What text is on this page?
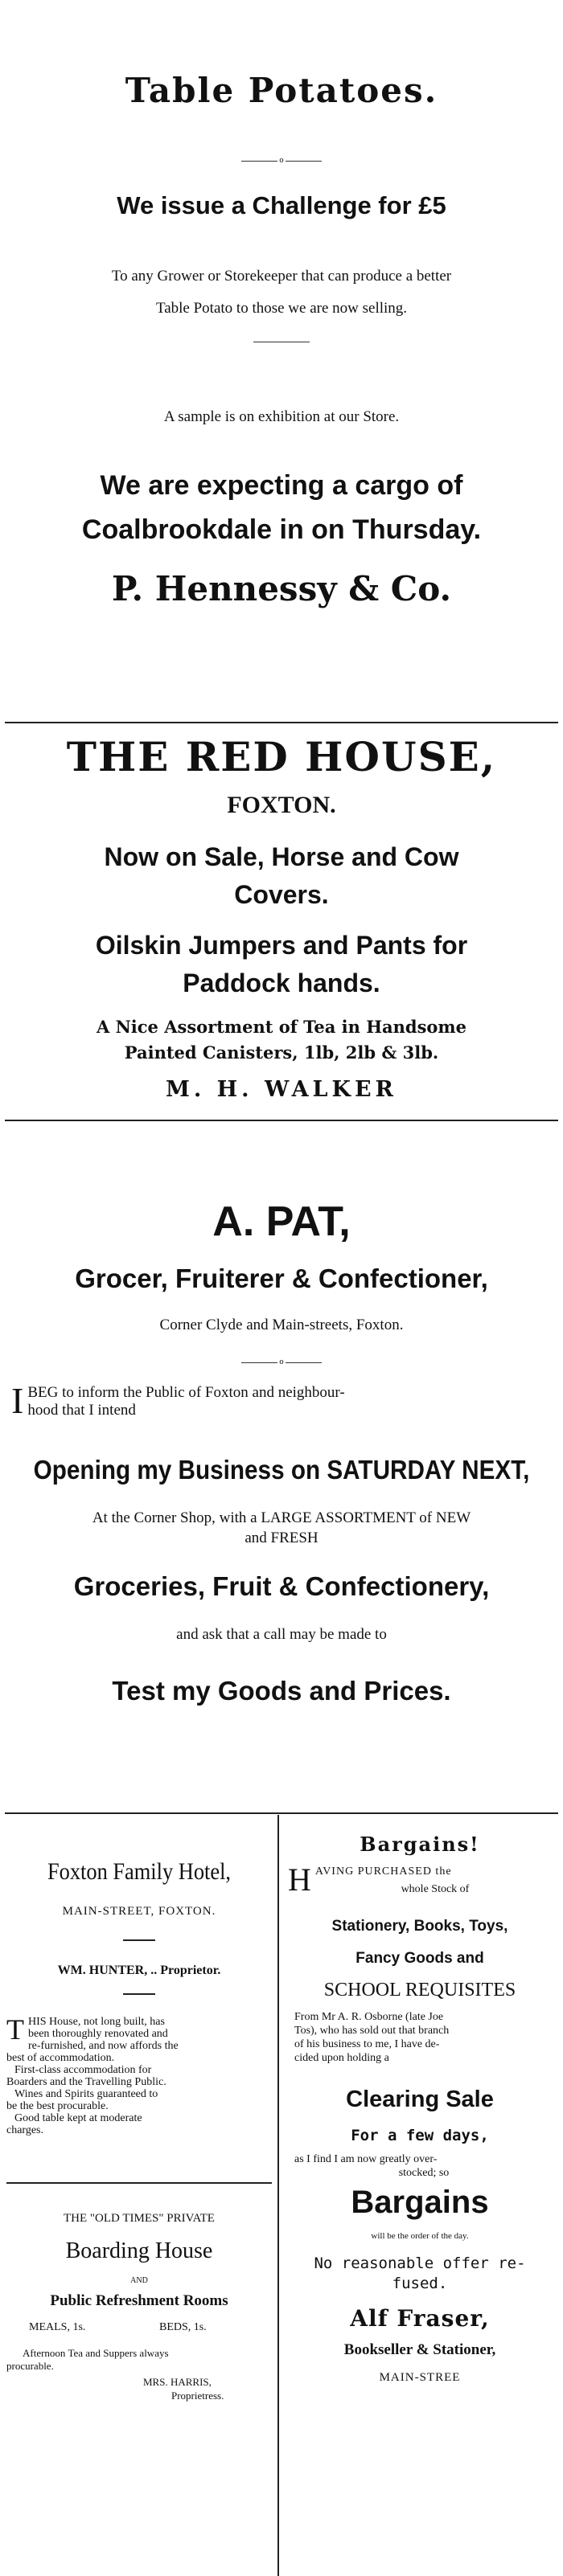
Table Potatoes.
o
We issue a Challenge for £5
To any Grower or Storekeeper that can produce a better
Table Potato to those we are now selling.
A sample is on exhibition at our Store.
We are expecting a cargo of
Coalbrookdale in on Thursday.
P. Hennessy & Co.
THE RED HOUSE,
FOXTON.
Now on Sale, Horse and Cow
Covers.
Oilskin Jumpers and Pants for
Paddock hands.
A Nice Assortment of Tea in Handsome
Painted Canisters, 1lb, 2lb & 3lb.
M. H. WALKER
A. PAT,
Grocer, Fruiterer & Confectioner,
Corner Clyde and Main-streets, Foxton.
o
I BEG to inform the Public of Foxton and neighbour-
hood that I intend
Opening my Business on SATURDAY NEXT,
At the Corner Shop, with a LARGE ASSORTMENT of NEW
and FRESH
Groceries, Fruit & Confectionery,
and ask that a call may be made to
Test my Goods and Prices.
Foxton Family Hotel,
MAIN-STREET, FOXTON.
WM. HUNTER, .. Proprietor.
T HIS House, not long built, has
been thoroughly renovated and
re-furnished, and now affords the
best of accommodation.
First-class accommodation for
Boarders and the Travelling Public.
Wines and Spirits guaranteed to
be the best procurable.
Good table kept at moderate
charges.
THE "OLD TIMES" PRIVATE
Boarding House
AND
Public Refreshment Rooms
MEALS, 1s.	BEDS, 1s.
Afternoon Tea and Suppers always
procurable.
MRS. HARRIS,
Proprietress.
Bargains!
H AVING PURCHASED the
whole Stock of
Stationery, Books, Toys,
Fancy Goods and
SCHOOL REQUISITES
From Mr A. R. Osborne (late Joe
Tos), who has sold out that branch
of his business to me, I have de-
cided upon holding a
Clearing Sale
For a few days,
as I find I am now greatly over-
stocked; so
Bargains
will be the order of the day.
No reasonable offer re-
fused.
Alf Fraser,
Bookseller & Stationer,
MAIN-STREE
